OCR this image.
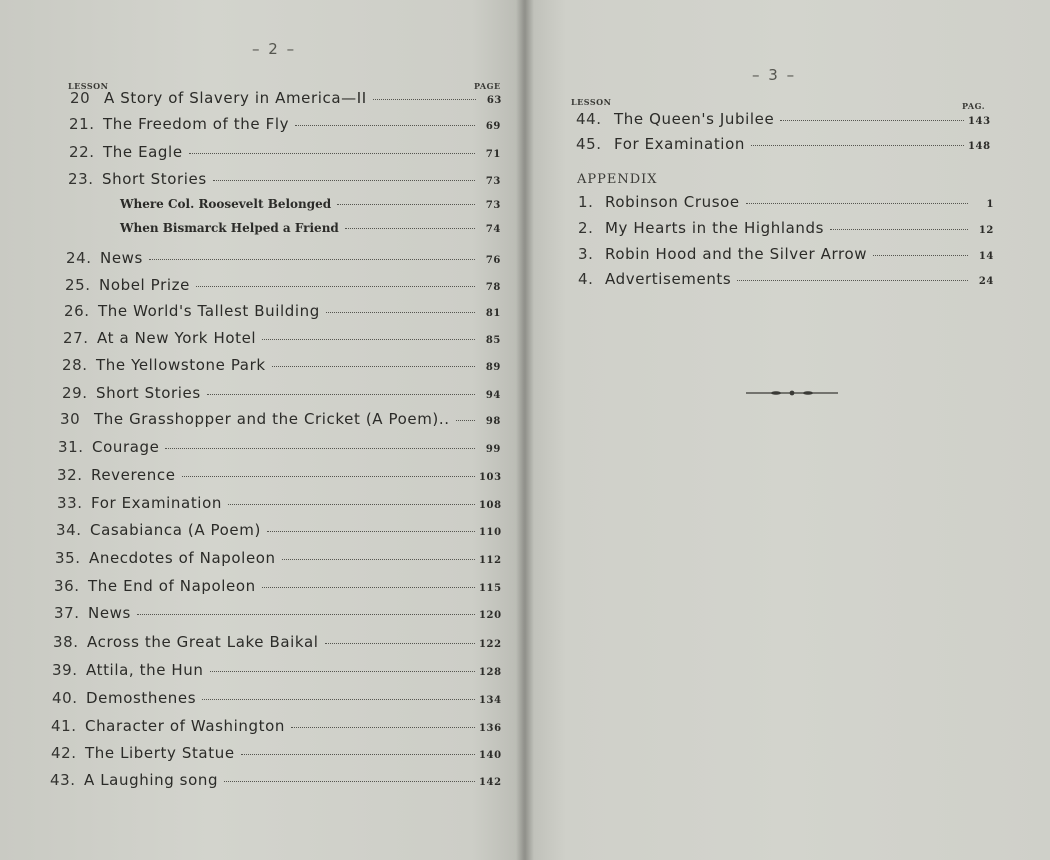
– 2 –
LESSON	PAGE
20 A Story of Slavery in America—II	63
21. The Freedom of the Fly	69
22. The Eagle	71
23. Short Stories	73
Where Col. Roosevelt Belonged	73
When Bismarck Helped a Friend	74
24. News	76
25. Nobel Prize	78
26. The World's Tallest Building	81
27. At a New York Hotel	85
28. The Yellowstone Park	89
29. Short Stories	94
30 The Grasshopper and the Cricket (A Poem)..	98
31. Courage	99
32. Reverence	103
33. For Examination	108
34. Casabianca (A Poem)	110
35. Anecdotes of Napoleon	112
36. The End of Napoleon	115
37. News	120
38. Across the Great Lake Baikal	122
39. Attila, the Hun	128
40. Demosthenes	134
41. Character of Washington	136
42. The Liberty Statue	140
43. A Laughing song	142
– 3 –
LESSON	PAG.
44. The Queen's Jubilee	143
45. For Examination	148
APPENDIX
1. Robinson Crusoe	1
2. My Hearts in the Highlands	12
3. Robin Hood and the Silver Arrow	14
4. Advertisements	24
